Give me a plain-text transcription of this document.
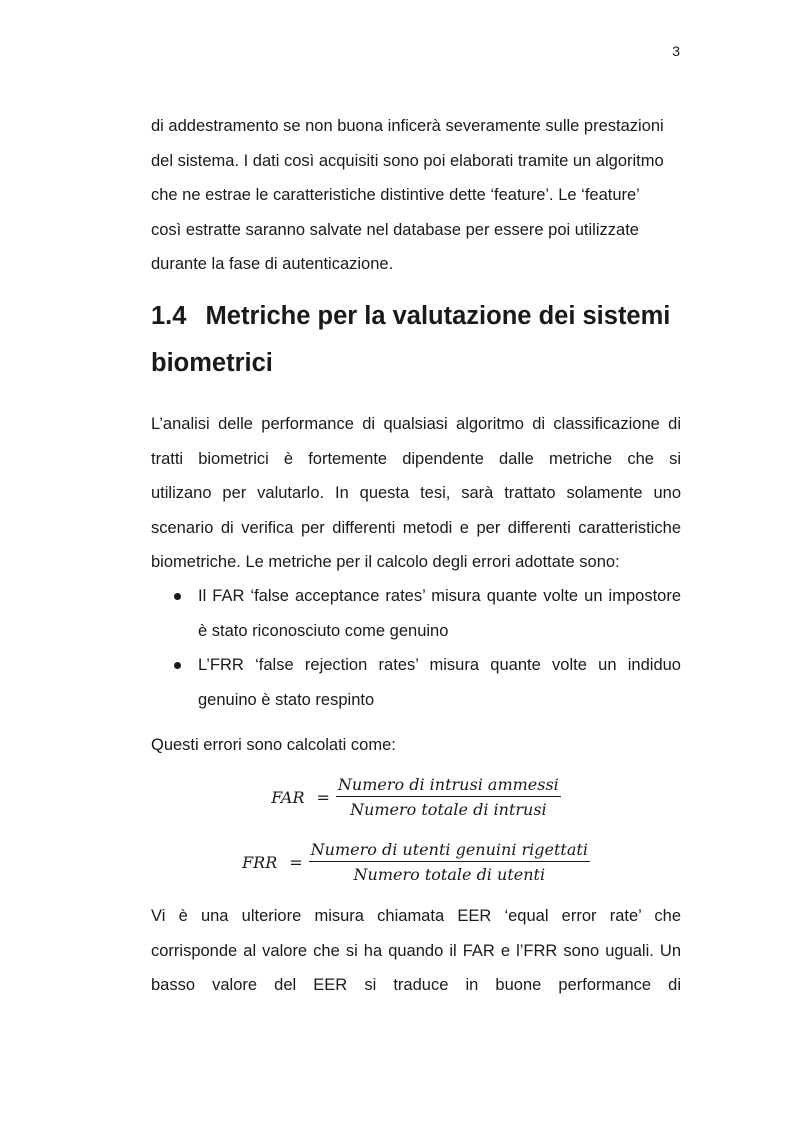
3
di addestramento se non buona inficerà severamente sulle prestazioni
del sistema. I dati così acquisiti sono poi elaborati tramite un algoritmo
che ne estrae le caratteristiche distintive dette ‘feature’. Le ‘feature’
così estratte saranno salvate nel database per essere poi utilizzate
durante la fase di autenticazione.
1.4 Metriche per la valutazione dei sistemi
biometrici
L’analisi delle performance di qualsiasi algoritmo di classificazione di
tratti biometrici è fortemente dipendente dalle metriche che si
utilizano per valutarlo. In questa tesi, sarà trattato solamente uno
scenario di verifica per differenti metodi e per differenti caratteristiche
biometriche. Le metriche per il calcolo degli errori adottate sono:
Il FAR ‘false acceptance rates’ misura quante volte un impostore
è stato riconosciuto come genuino
L’FRR ‘false rejection rates’ misura quante volte un indiduo
genuino è stato respinto
Questi errori sono calcolati come:
FAR = $\frac{\text{Numero di intrusi ammessi}}{\text{Numero totale di intrusi}}$
FRR = $\frac{\text{Numero di utenti genuini rigettati}}{\text{Numero totale di utenti}}$
Vi è una ulteriore misura chiamata EER ‘equal error rate’ che
corrisponde al valore che si ha quando il FAR e l’FRR sono uguali. Un
basso valore del EER si traduce in buone performance di
